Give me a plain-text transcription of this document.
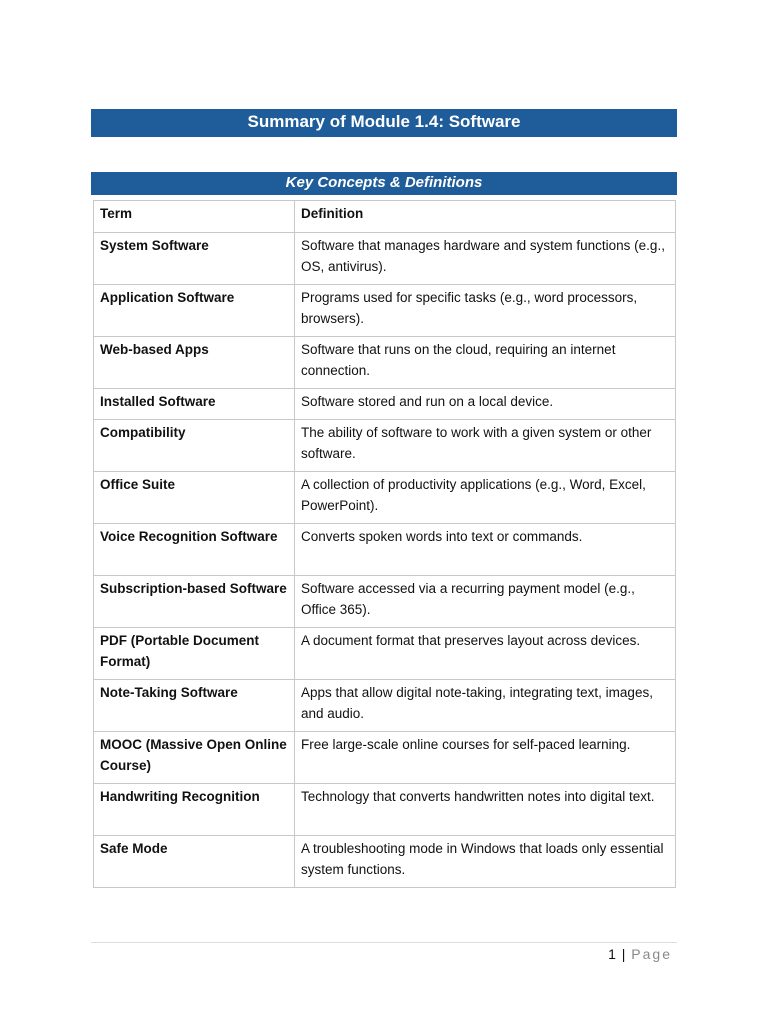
Summary of Module 1.4: Software
Key Concepts & Definitions
Term	Definition
System Software	Software that manages hardware and system functions (e.g., OS, antivirus).
Application Software	Programs used for specific tasks (e.g., word processors, browsers).
Web-based Apps	Software that runs on the cloud, requiring an internet connection.
Installed Software	Software stored and run on a local device.
Compatibility	The ability of software to work with a given system or other software.
Office Suite	A collection of productivity applications (e.g., Word, Excel, PowerPoint).
Voice Recognition Software	Converts spoken words into text or commands.
Subscription-based Software	Software accessed via a recurring payment model (e.g., Office 365).
PDF (Portable Document Format)	A document format that preserves layout across devices.
Note-Taking Software	Apps that allow digital note-taking, integrating text, images, and audio.
MOOC (Massive Open Online Course)	Free large-scale online courses for self-paced learning.
Handwriting Recognition	Technology that converts handwritten notes into digital text.
Safe Mode	A troubleshooting mode in Windows that loads only essential system functions.
1 | Page
